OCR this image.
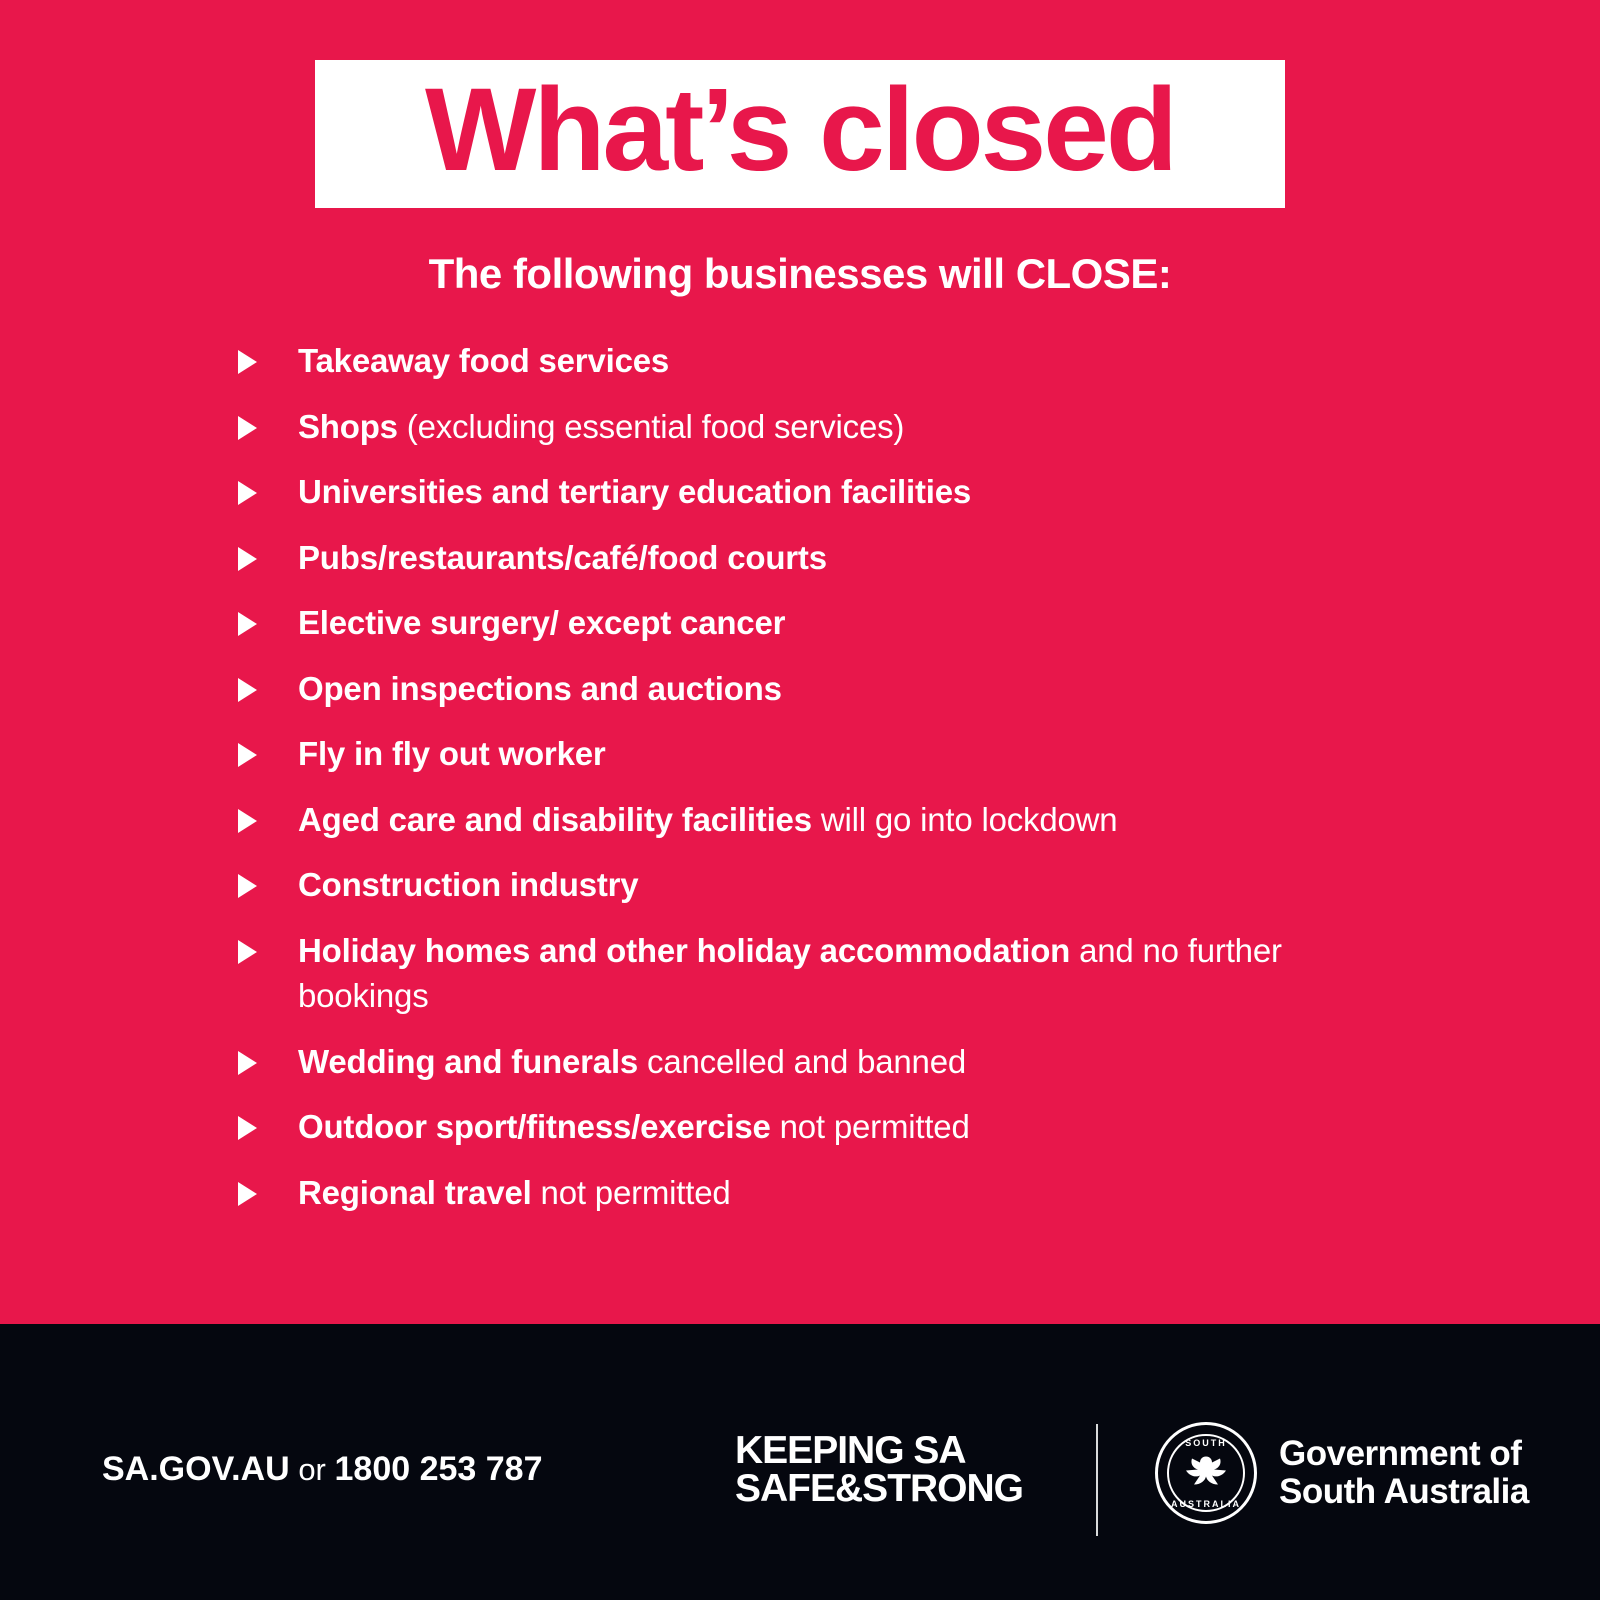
What’s closed
The following businesses will CLOSE:
Takeaway food services
Shops (excluding essential food services)
Universities and tertiary education facilities
Pubs/restaurants/café/food courts
Elective surgery/ except cancer
Open inspections and auctions
Fly in fly out worker
Aged care and disability facilities will go into lockdown
Construction industry
Holiday homes and other holiday accommodation and no further bookings
Wedding and funerals cancelled and banned
Outdoor sport/fitness/exercise not permitted
Regional travel not permitted
SA.GOV.AU or 1800 253 787	KEEPING SA
SAFE&STRONG
SOUTH
AUSTRALIA
Government of
South Australia
